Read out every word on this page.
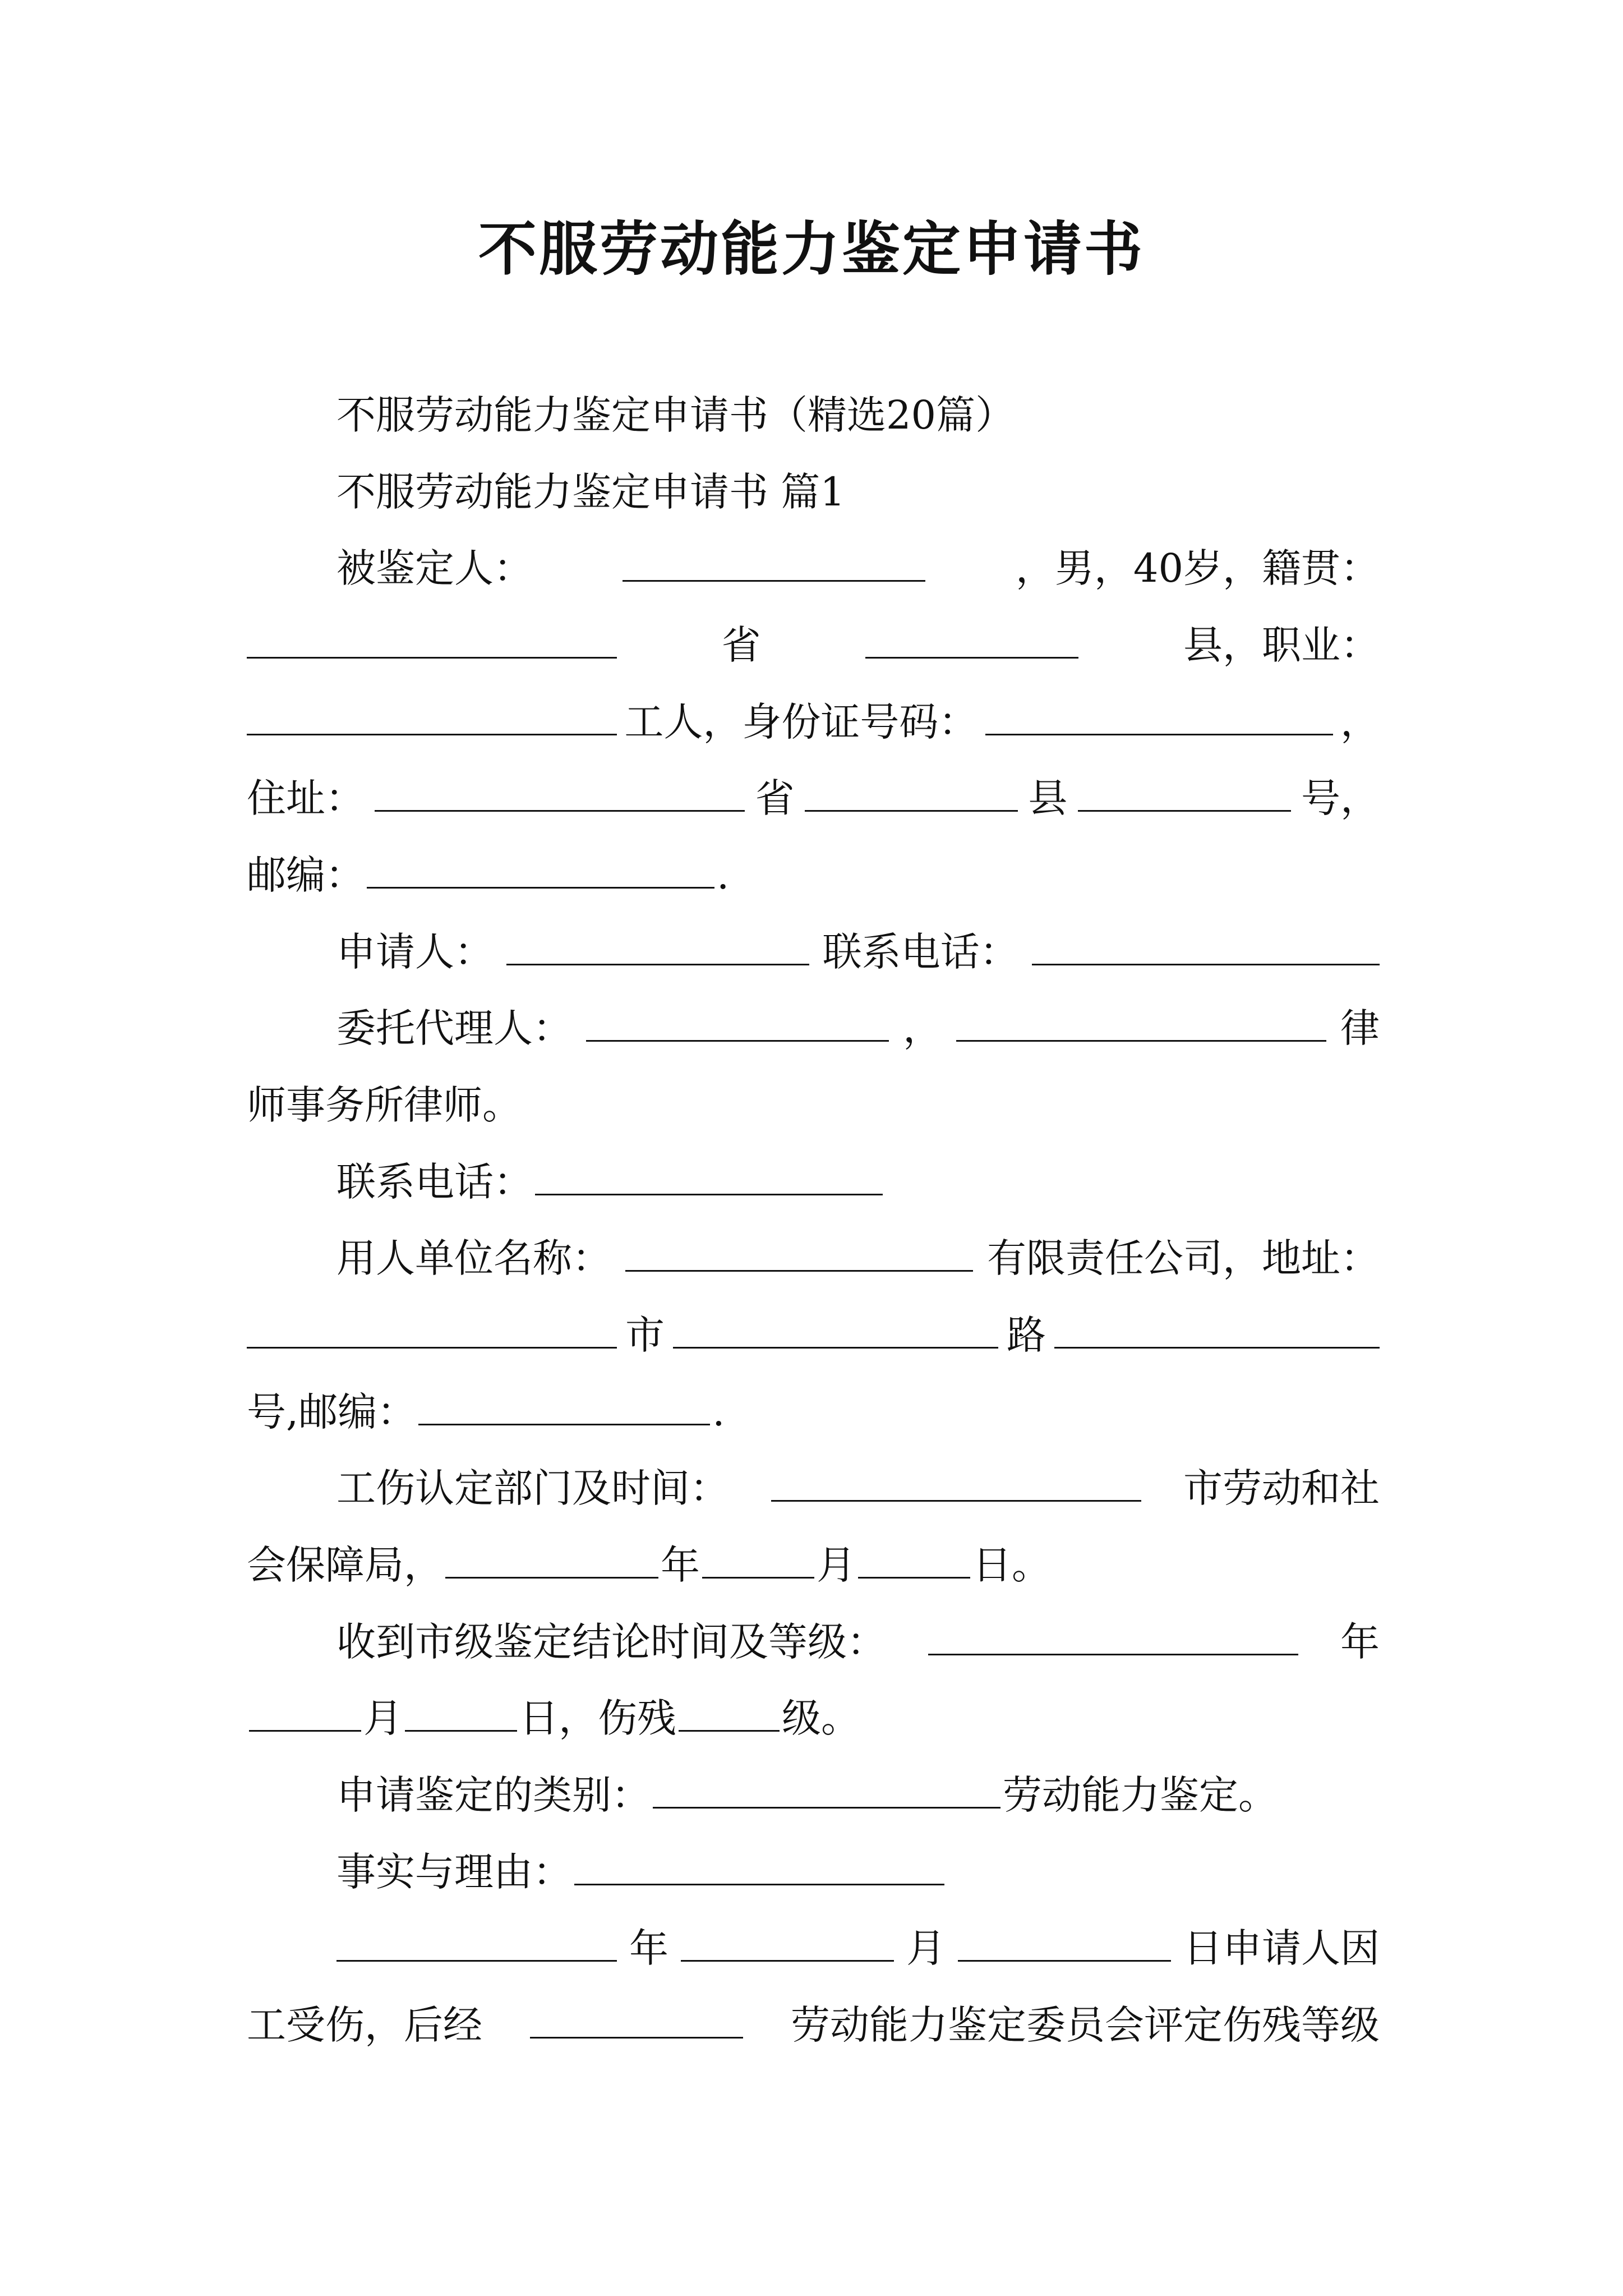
不服劳动能力鉴定申请书
不服劳动能力鉴定申请书（精选20篇）
不服劳动能力鉴定申请书 篇1
被鉴定人：	，男，40岁，籍贯：
省	县，职业：
工人，身份证号码：	，
住址：	省	县	号，
邮编：	.
申请人：	联系电话：
委托代理人：	，	律
师事务所律师。
联系电话：
用人单位名称：	有限责任公司，地址：
市	路
号,邮编：	.
工伤认定部门及时间：	市劳动和社
会保障局，	年	月	日。
收到市级鉴定结论时间及等级：	年
月	日，伤残	级。
申请鉴定的类别：	劳动能力鉴定。
事实与理由：
年	月	日申请人因
工受伤，后经	劳动能力鉴定委员会评定伤残等级
